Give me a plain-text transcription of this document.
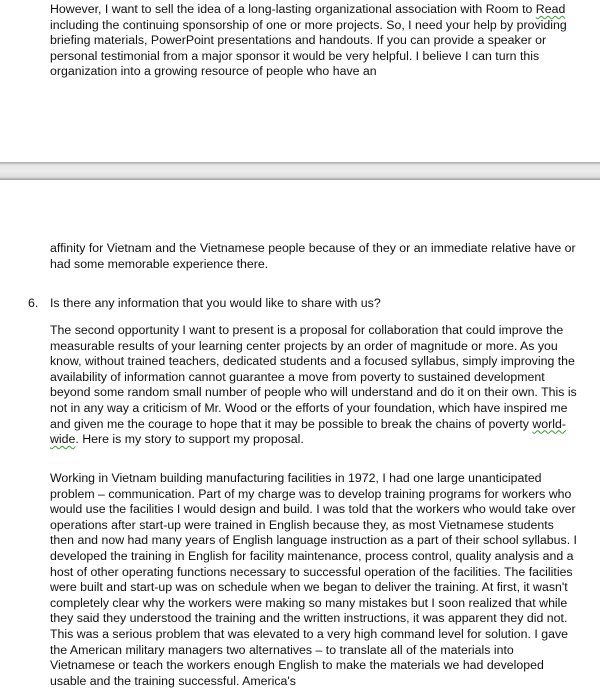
However, I want to sell the idea of a long-lasting organizational association with Room to Read including the continuing sponsorship of one or more projects. So, I need your help by providing briefing materials, PowerPoint presentations and handouts. If you can provide a speaker or personal testimonial from a major sponsor it would be very helpful. I believe I can turn this organization into a growing resource of people who have an

affinity for Vietnam and the Vietnamese people because of they or an immediate relative have or had some memorable experience there.

6. Is there any information that you would like to share with us?

The second opportunity I want to present is a proposal for collaboration that could improve the measurable results of your learning center projects by an order of magnitude or more. As you know, without trained teachers, dedicated students and a focused syllabus, simply improving the availability of information cannot guarantee a move from poverty to sustained development beyond some random small number of people who will understand and do it on their own. This is not in any way a criticism of Mr. Wood or the efforts of your foundation, which have inspired me and given me the courage to hope that it may be possible to break the chains of poverty world-wide. Here is my story to support my proposal.

Working in Vietnam building manufacturing facilities in 1972, I had one large unanticipated problem – communication. Part of my charge was to develop training programs for workers who would use the facilities I would design and build. I was told that the workers who would take over operations after start-up were trained in English because they, as most Vietnamese students then and now had many years of English language instruction as a part of their school syllabus. I developed the training in English for facility maintenance, process control, quality analysis and a host of other operating functions necessary to successful operation of the facilities. The facilities were built and start-up was on schedule when we began to deliver the training. At first, it wasn't completely clear why the workers were making so many mistakes but I soon realized that while they said they understood the training and the written instructions, it was apparent they did not. This was a serious problem that was elevated to a very high command level for solution. I gave the American military managers two alternatives – to translate all of the materials into Vietnamese or teach the workers enough English to make the materials we had developed usable and the training successful. America's
